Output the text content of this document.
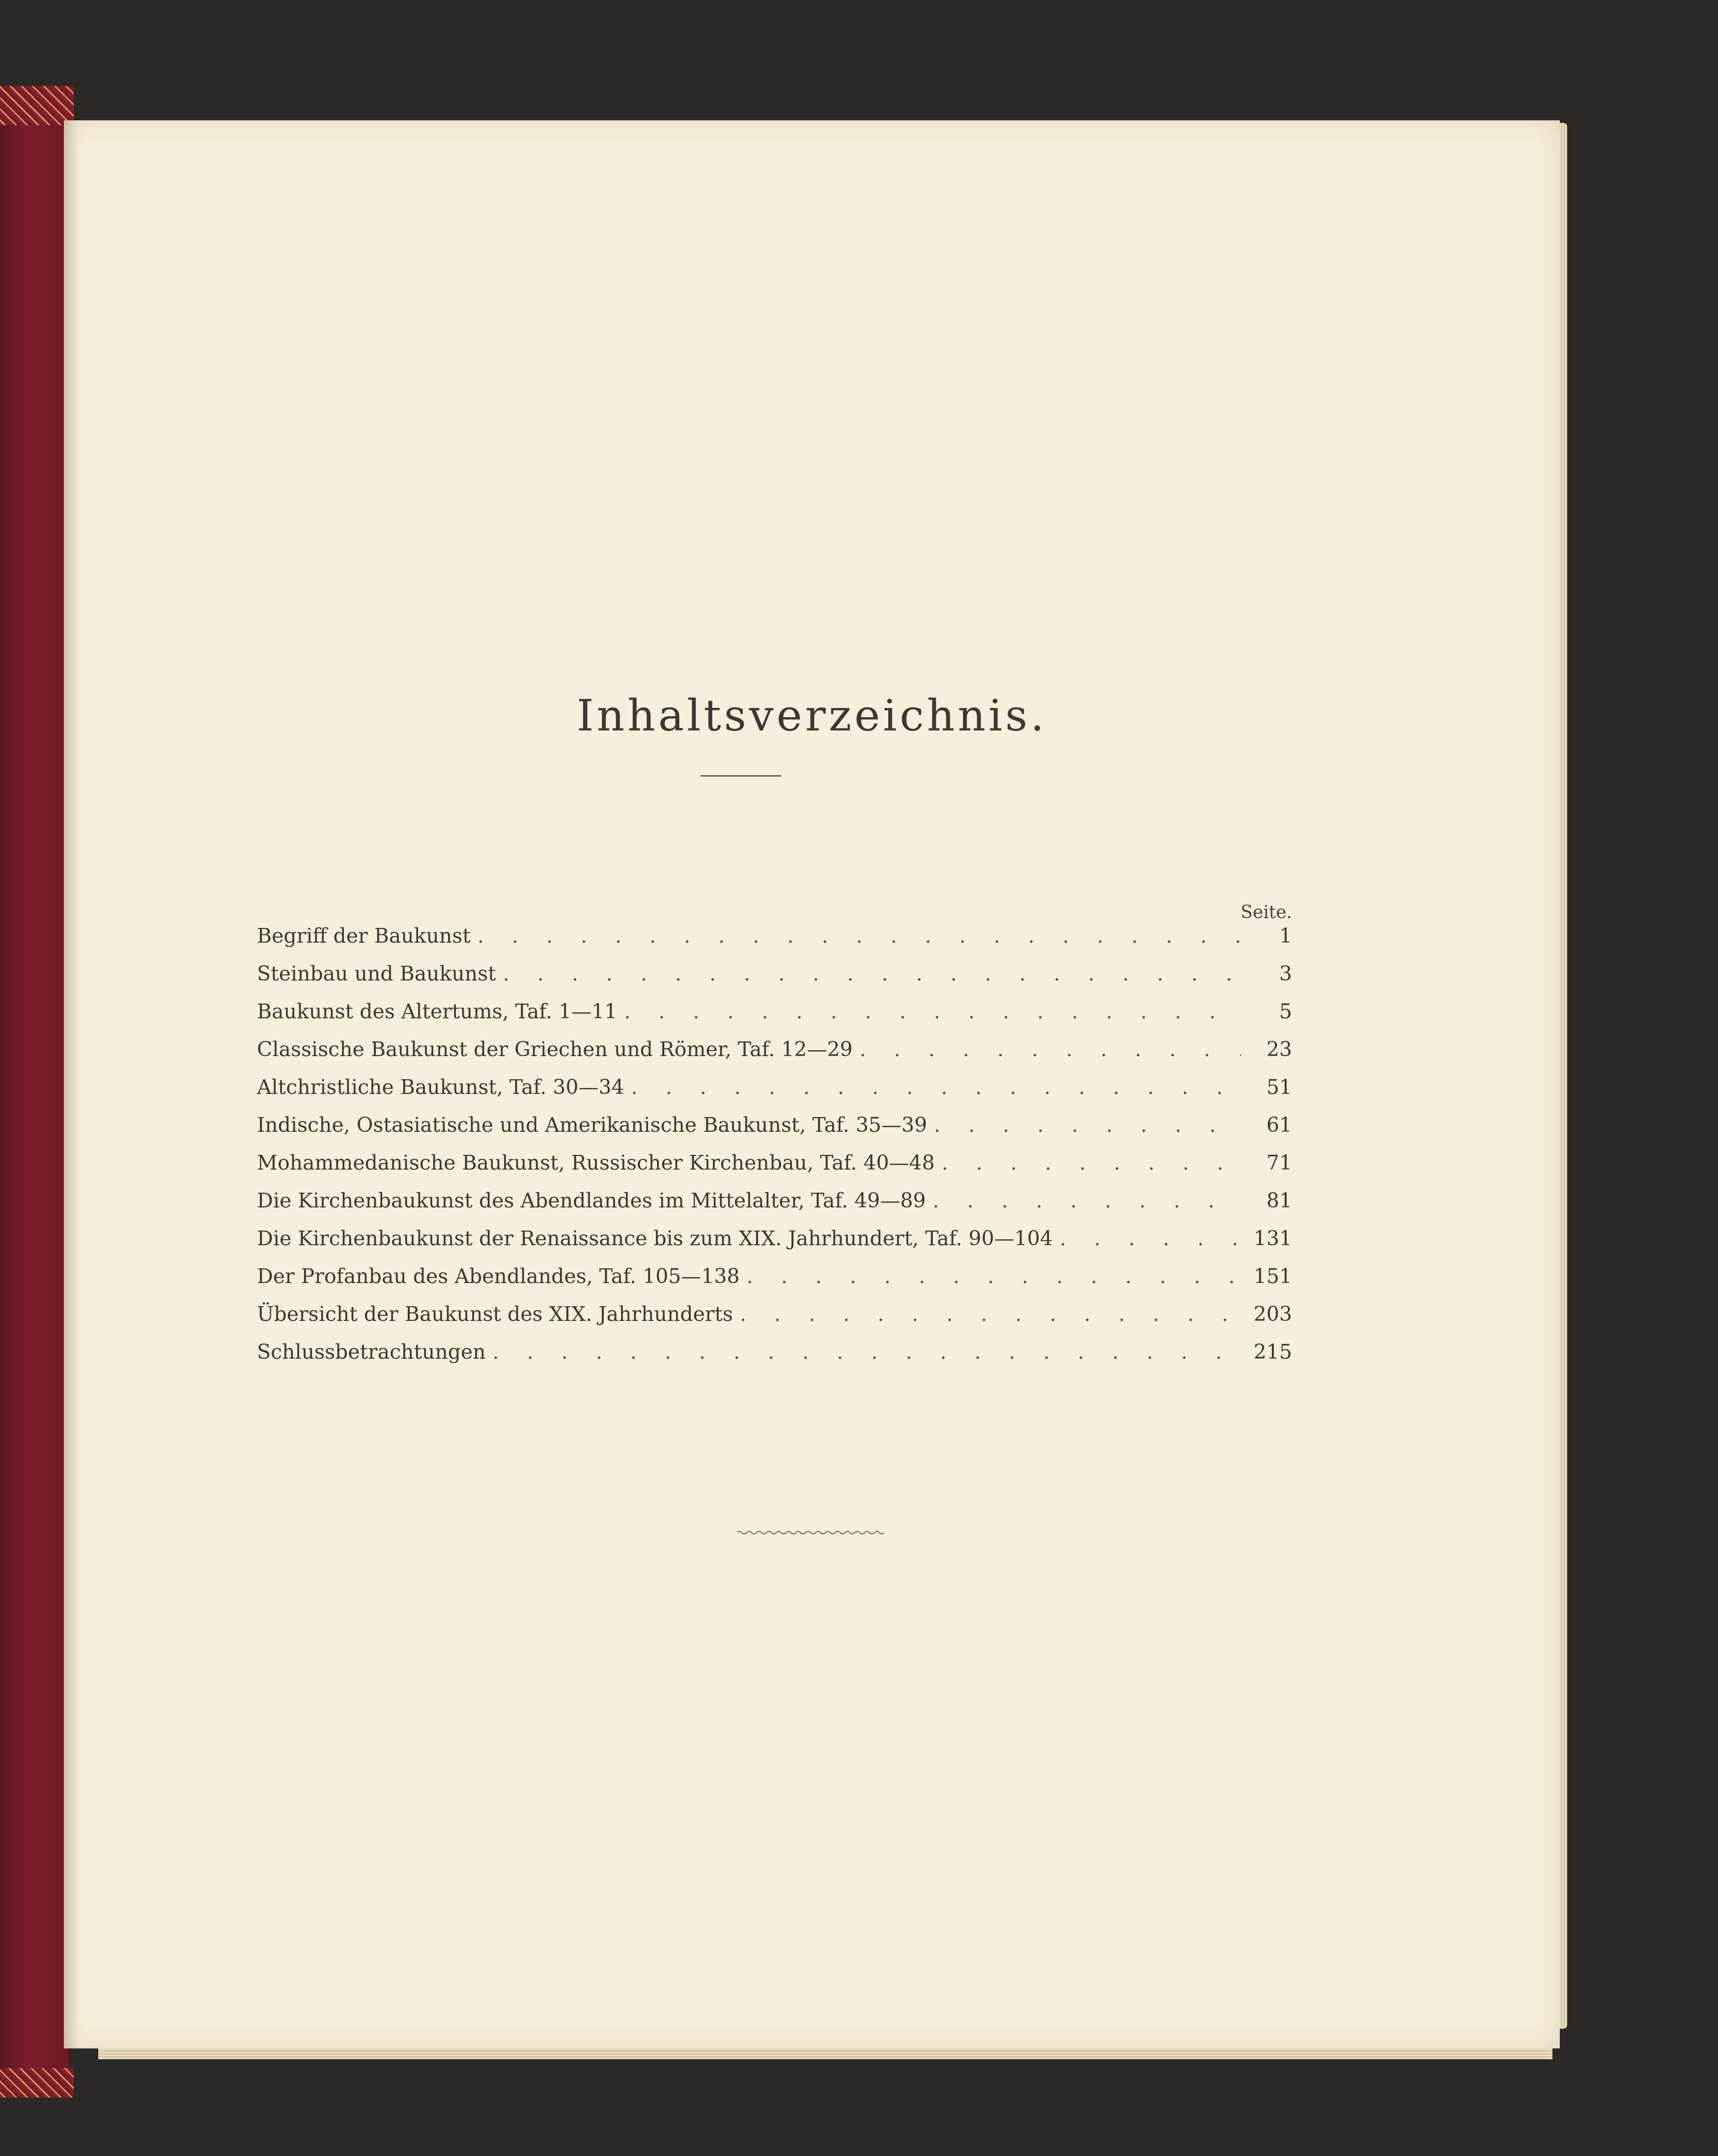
Inhaltsverzeichnis.
Seite.
Begriff der Baukunst . . .	1
Steinbau und Baukunst . . .	3
Baukunst des Altertums, Taf. 1—11 . . .	5
Classische Baukunst der Griechen und Römer, Taf. 12—29 . . .	23
Altchristliche Baukunst, Taf. 30—34 . . .	51
Indische, Ostasiatische und Amerikanische Baukunst, Taf. 35—39 . . .	61
Mohammedanische Baukunst, Russischer Kirchenbau, Taf. 40—48 . . .	71
Die Kirchenbaukunst des Abendlandes im Mittelalter, Taf. 49—89 . . .	81
Die Kirchenbaukunst der Renaissance bis zum XIX. Jahrhundert, Taf. 90—104 . . .	131
Der Profanbau des Abendlandes, Taf. 105—138 . . .	151
Übersicht der Baukunst des XIX. Jahrhunderts . . .	203
Schlussbetrachtungen . . .	215
